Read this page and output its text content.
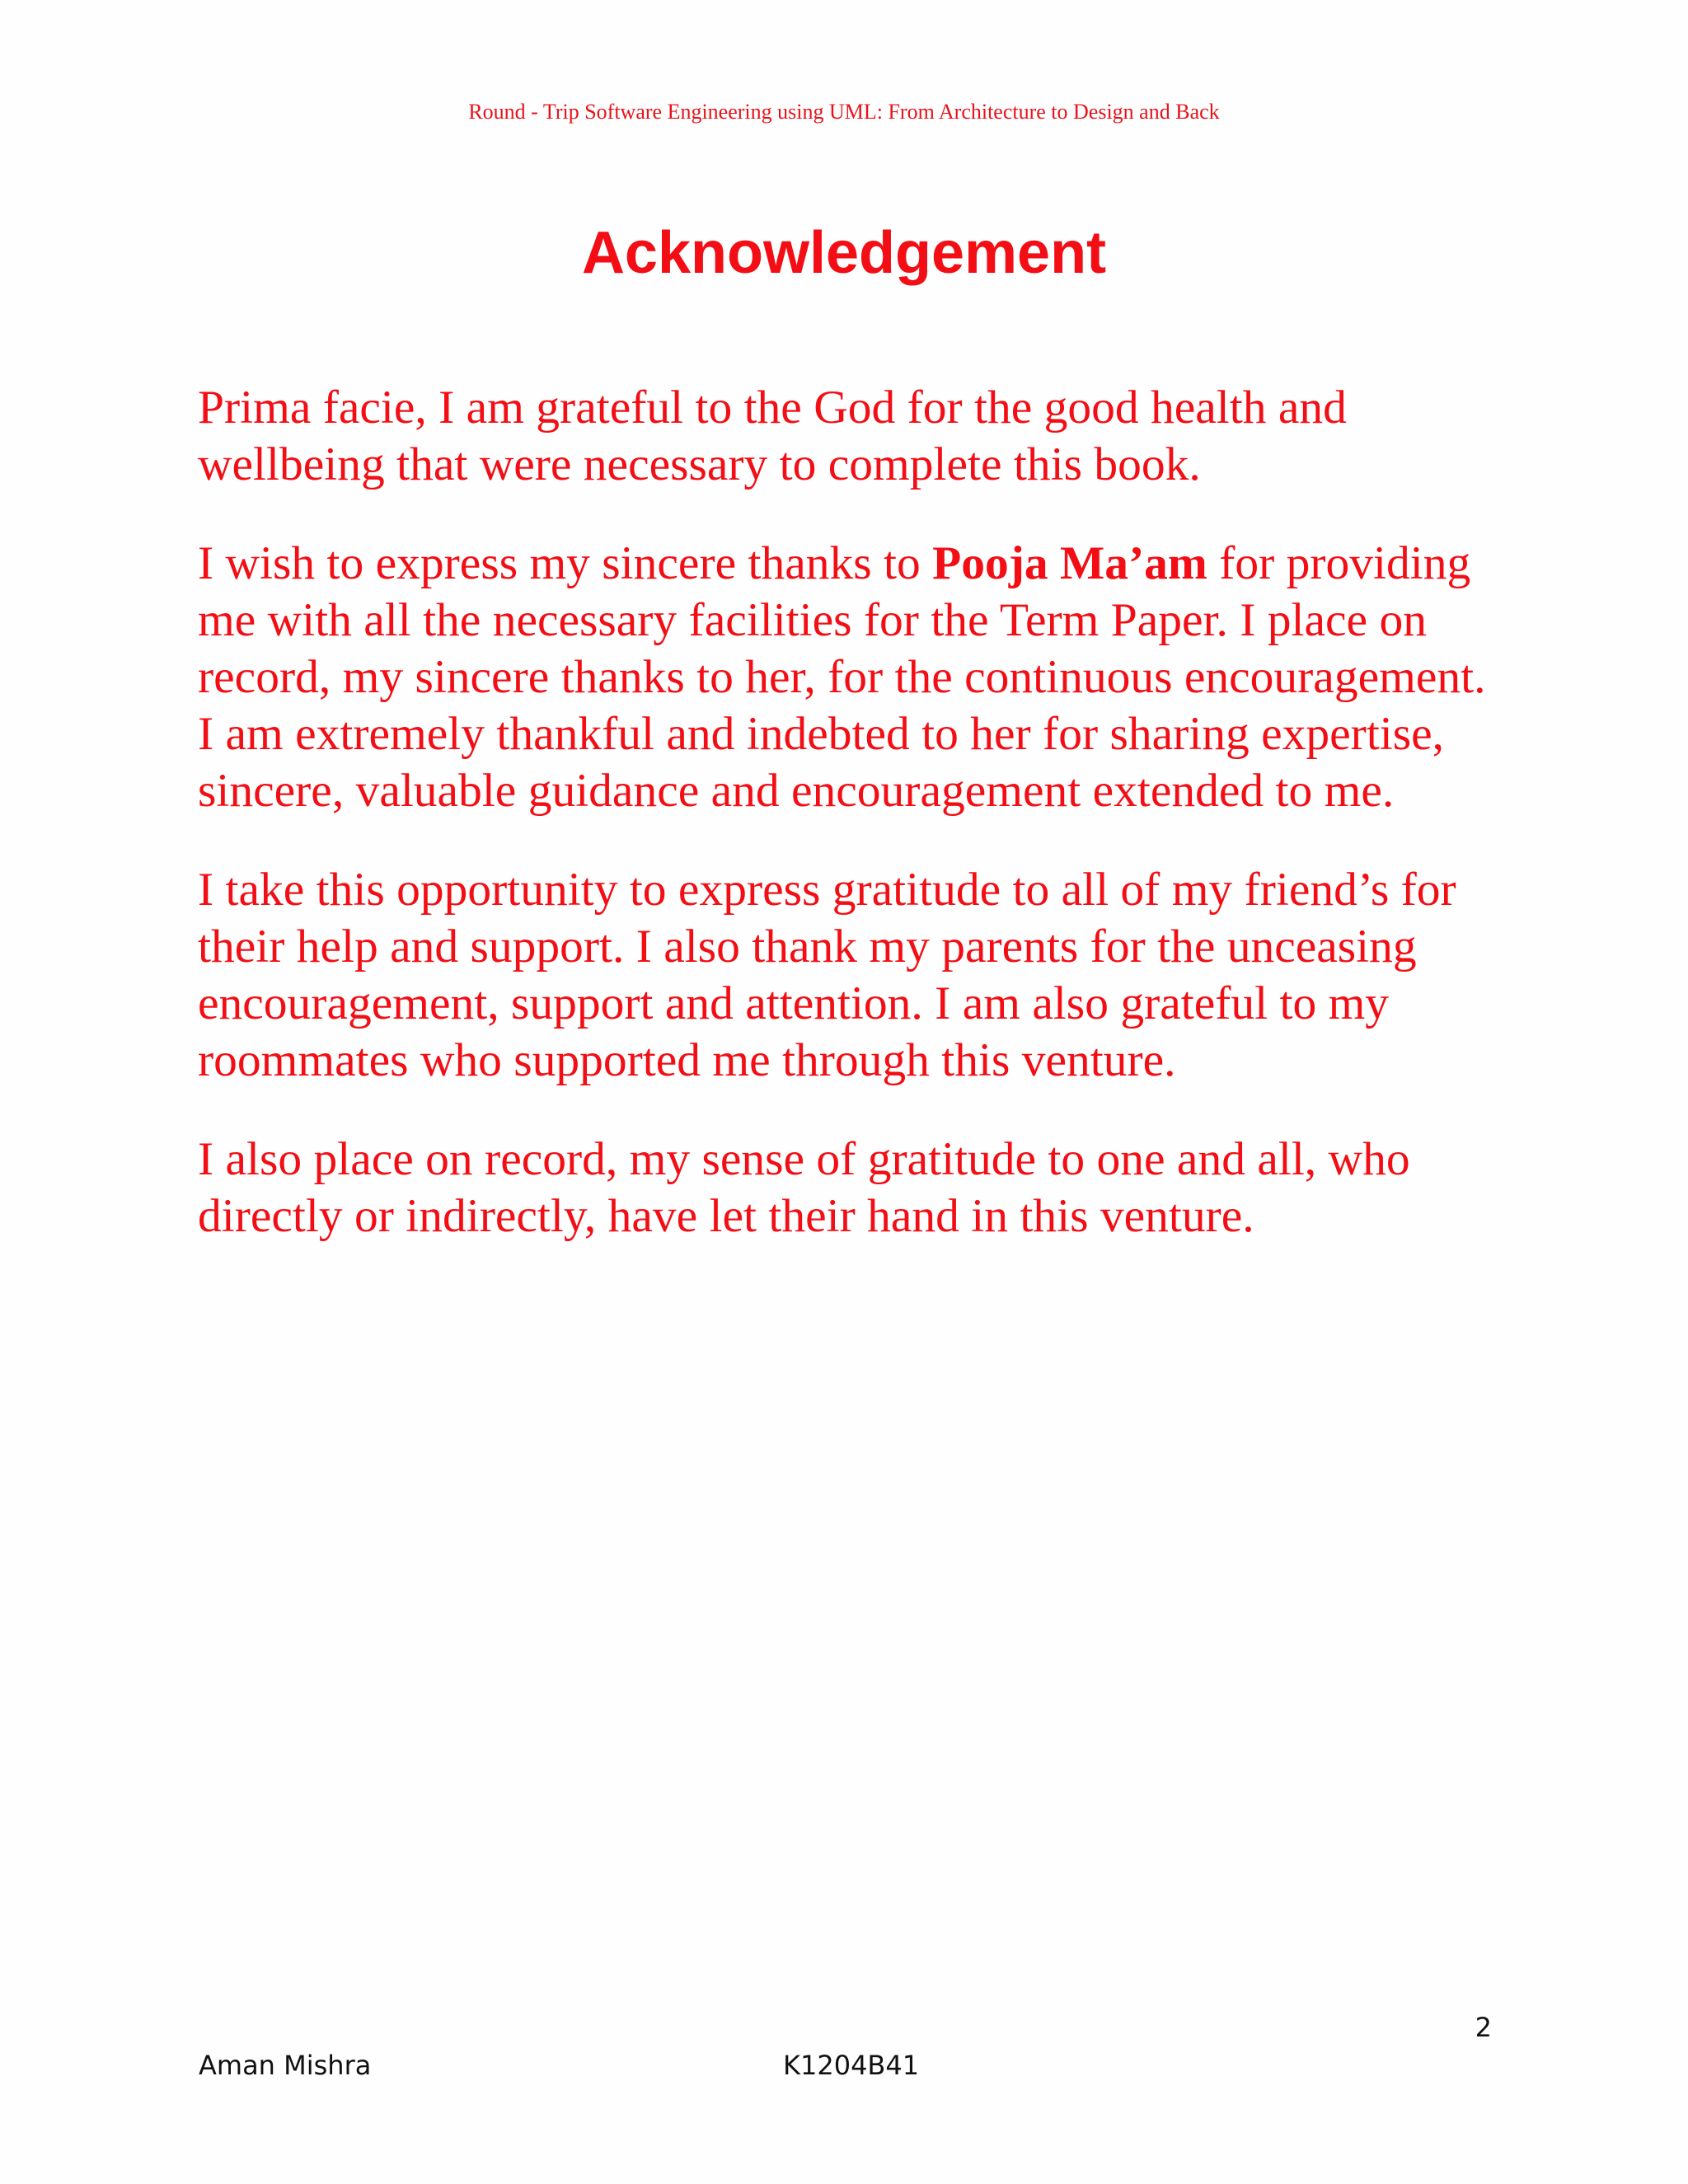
Round - Trip Software Engineering using UML: From Architecture to Design and Back
Acknowledgement

Prima facie, I am grateful to the God for the good health and wellbeing that were necessary to complete this book.

I wish to express my sincere thanks to Pooja Ma’am for providing me with all the necessary facilities for the Term Paper. I place on record, my sincere thanks to her, for the continuous encouragement. I am extremely thankful and indebted to her for sharing expertise, sincere, valuable guidance and encouragement extended to me.

I take this opportunity to express gratitude to all of my friend’s for their help and support. I also thank my parents for the unceasing encouragement, support and attention. I am also grateful to my roommates who supported me through this venture.

I also place on record, my sense of gratitude to one and all, who directly or indirectly, have let their hand in this venture.

2
Aman Mishra	K1204B41
